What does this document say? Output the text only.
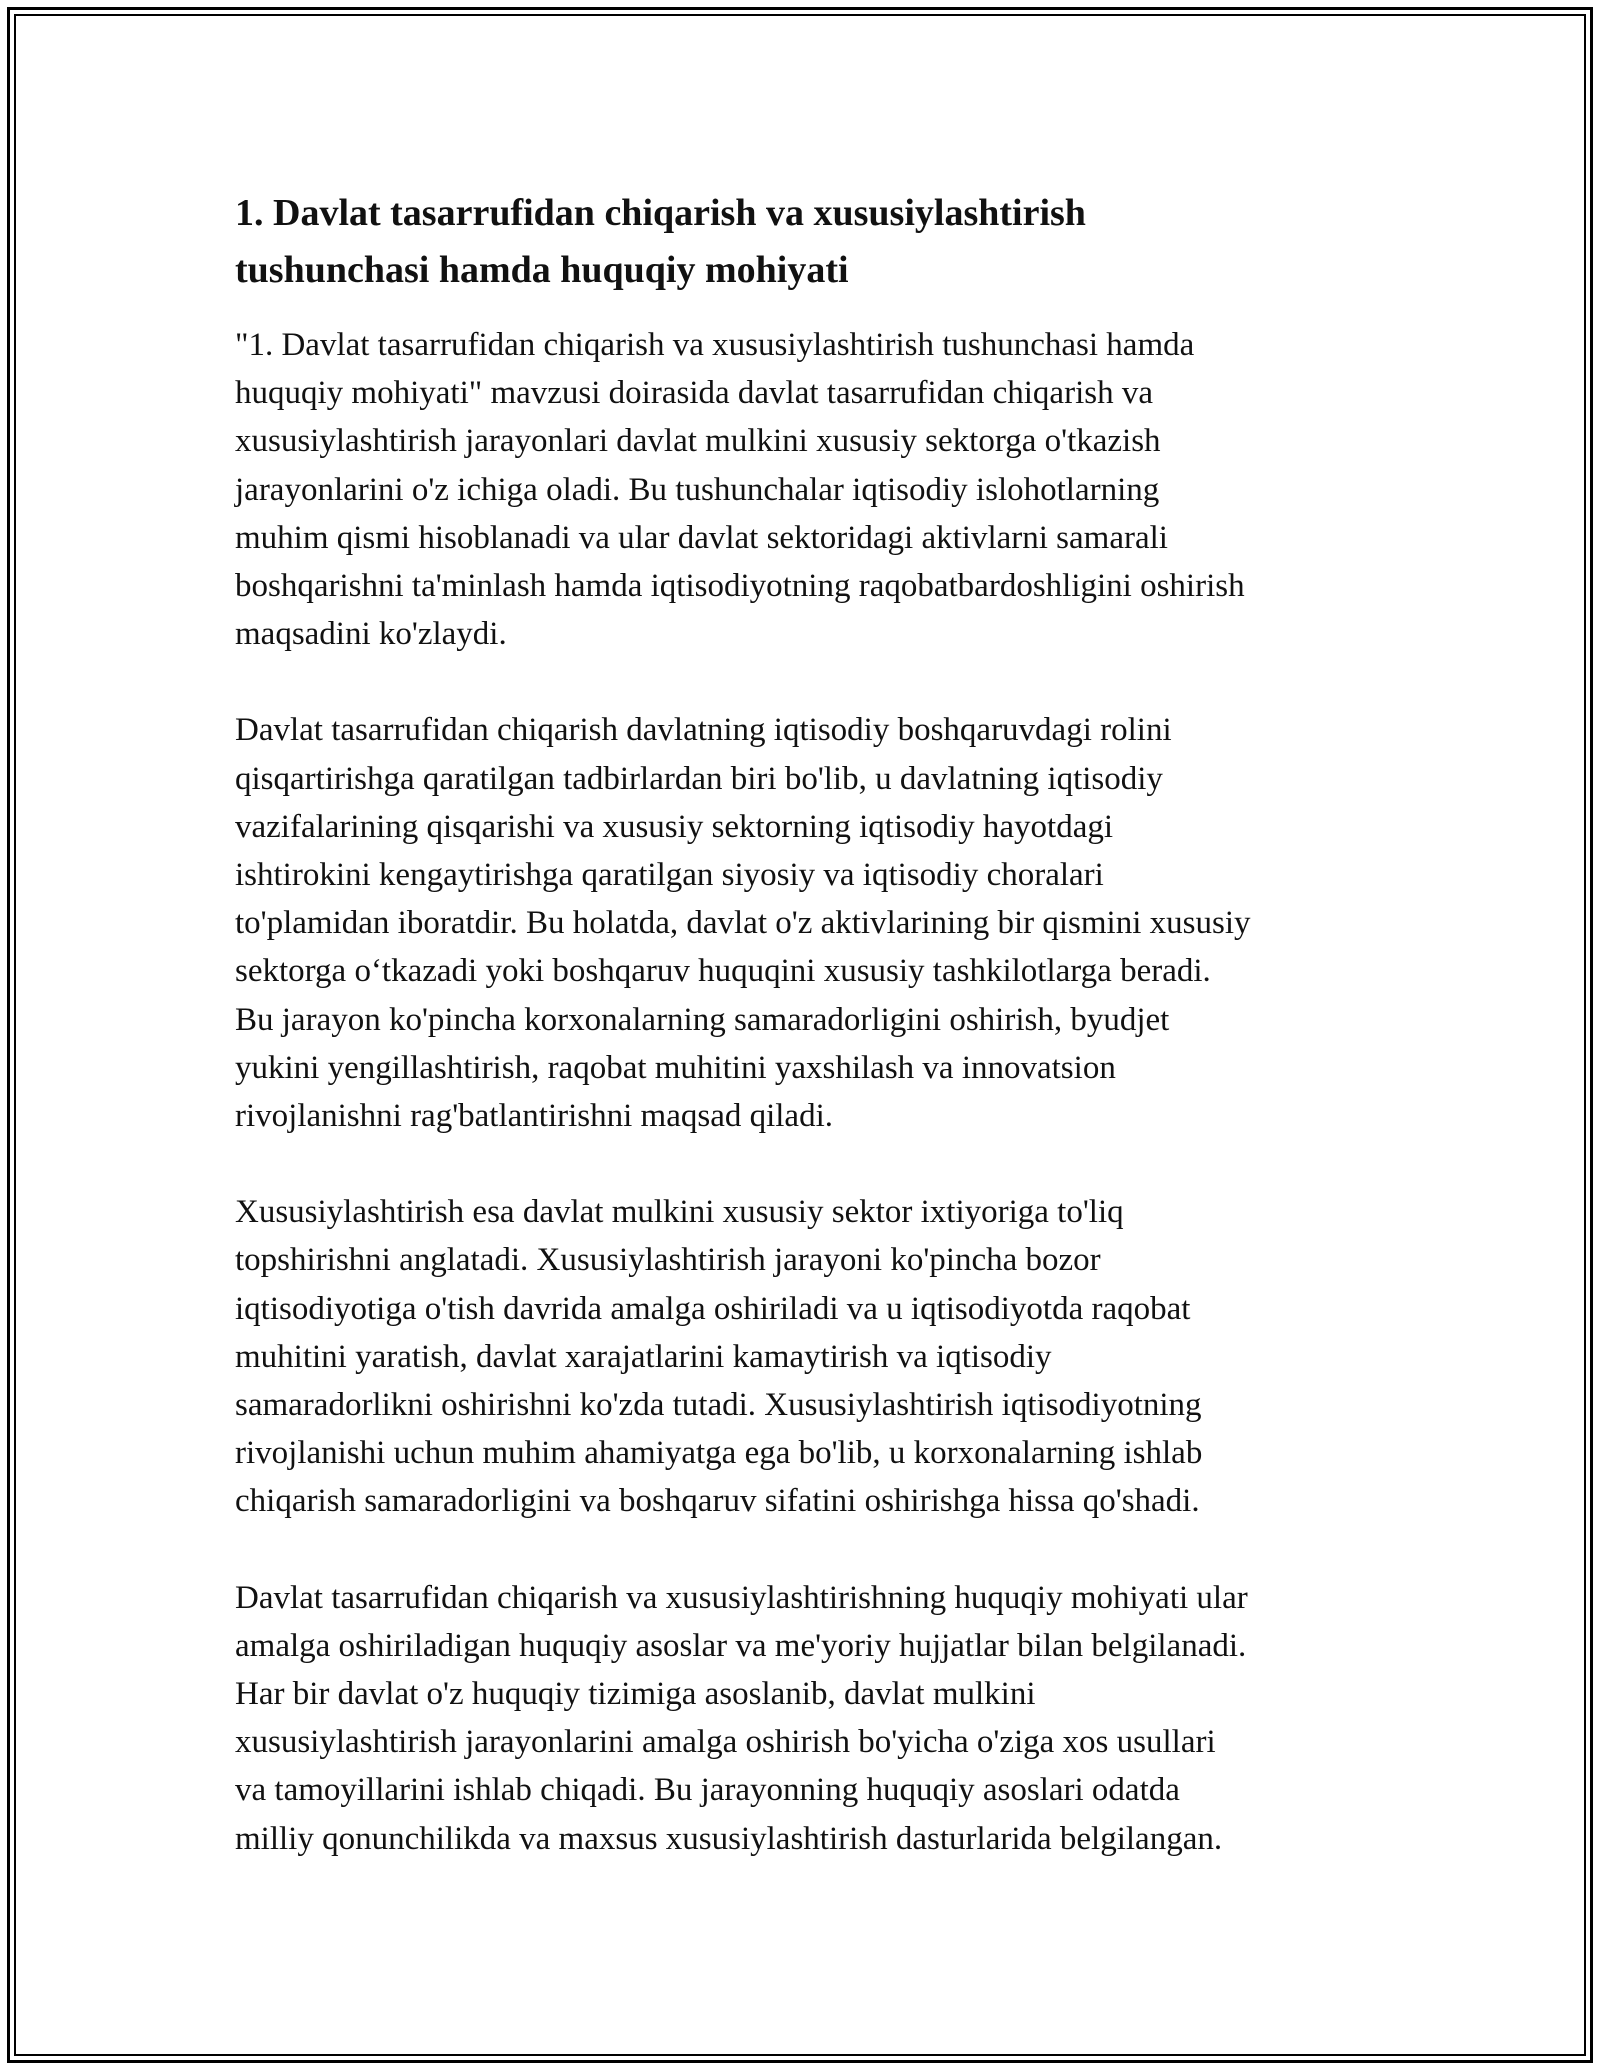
1. Davlat tasarrufidan chiqarish va xususiylashtirish
tushunchasi hamda huquqiy mohiyati

"1. Davlat tasarrufidan chiqarish va xususiylashtirish tushunchasi hamda
huquqiy mohiyati" mavzusi doirasida davlat tasarrufidan chiqarish va
xususiylashtirish jarayonlari davlat mulkini xususiy sektorga o'tkazish
jarayonlarini o'z ichiga oladi. Bu tushunchalar iqtisodiy islohotlarning
muhim qismi hisoblanadi va ular davlat sektoridagi aktivlarni samarali
boshqarishni ta'minlash hamda iqtisodiyotning raqobatbardoshligini oshirish
maqsadini ko'zlaydi.

Davlat tasarrufidan chiqarish davlatning iqtisodiy boshqaruvdagi rolini
qisqartirishga qaratilgan tadbirlardan biri bo'lib, u davlatning iqtisodiy
vazifalarining qisqarishi va xususiy sektorning iqtisodiy hayotdagi
ishtirokini kengaytirishga qaratilgan siyosiy va iqtisodiy choralari
to'plamidan iboratdir. Bu holatda, davlat o'z aktivlarining bir qismini xususiy
sektorga o‘tkazadi yoki boshqaruv huquqini xususiy tashkilotlarga beradi.
Bu jarayon ko'pincha korxonalarning samaradorligini oshirish, byudjet
yukini yengillashtirish, raqobat muhitini yaxshilash va innovatsion
rivojlanishni rag'batlantirishni maqsad qiladi.

Xususiylashtirish esa davlat mulkini xususiy sektor ixtiyoriga to'liq
topshirishni anglatadi. Xususiylashtirish jarayoni ko'pincha bozor
iqtisodiyotiga o'tish davrida amalga oshiriladi va u iqtisodiyotda raqobat
muhitini yaratish, davlat xarajatlarini kamaytirish va iqtisodiy
samaradorlikni oshirishni ko'zda tutadi. Xususiylashtirish iqtisodiyotning
rivojlanishi uchun muhim ahamiyatga ega bo'lib, u korxonalarning ishlab
chiqarish samaradorligini va boshqaruv sifatini oshirishga hissa qo'shadi.

Davlat tasarrufidan chiqarish va xususiylashtirishning huquqiy mohiyati ular
amalga oshiriladigan huquqiy asoslar va me'yoriy hujjatlar bilan belgilanadi.
Har bir davlat o'z huquqiy tizimiga asoslanib, davlat mulkini
xususiylashtirish jarayonlarini amalga oshirish bo'yicha o'ziga xos usullari
va tamoyillarini ishlab chiqadi. Bu jarayonning huquqiy asoslari odatda
milliy qonunchilikda va maxsus xususiylashtirish dasturlarida belgilangan.
